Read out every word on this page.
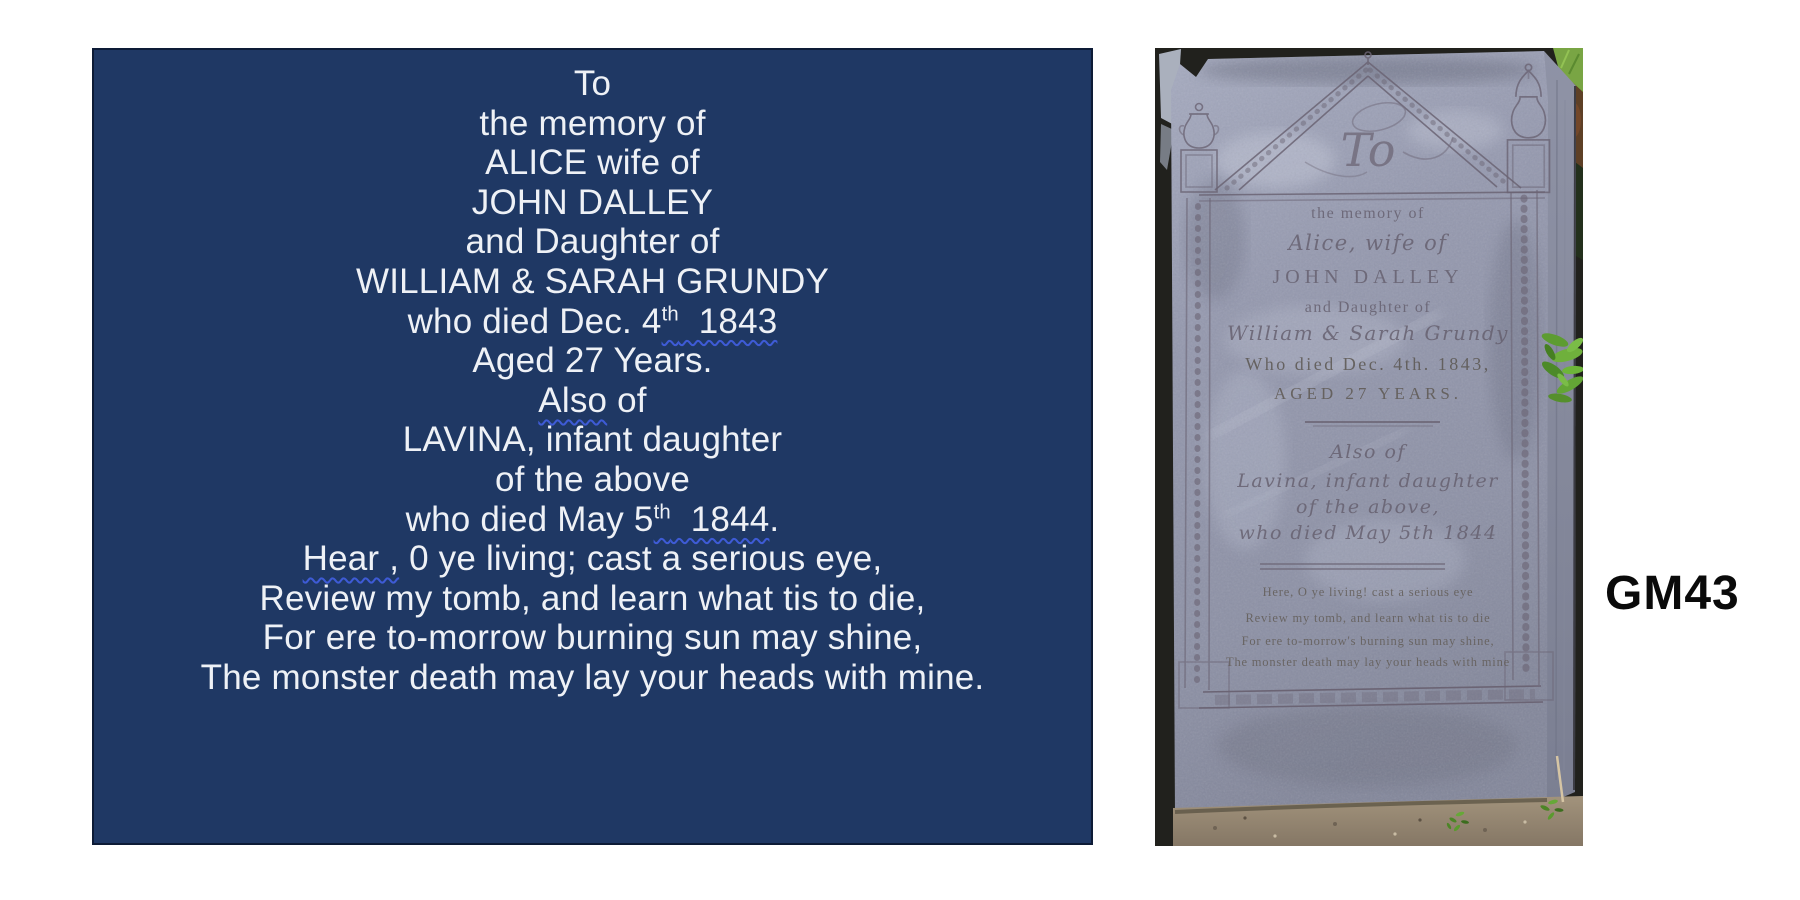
To
the memory of
ALICE wife of
JOHN DALLEY
and Daughter of
WILLIAM & SARAH GRUNDY
who died Dec. 4th  1843
Aged 27 Years.
Also of
LAVINA, infant daughter
of the above
who died May 5th  1844.
Hear , 0 ye living; cast a serious eye,
Review my tomb, and learn what tis to die,
For ere to-morrow burning sun may shine,
The monster death may lay your heads with mine.
To
the memory of
Alice, wife of
JOHN DALLEY
and Daughter of
William & Sarah Grundy
Who died Dec. 4th. 1843,
AGED 27 YEARS.
Also of
Lavina, infant daughter
of the above,
who died May 5th 1844
Here, O ye living! cast a serious eye
Review my tomb, and learn what tis to die
For ere to-morrow's burning sun may shine,
The monster death may lay your heads with mine
GM43
